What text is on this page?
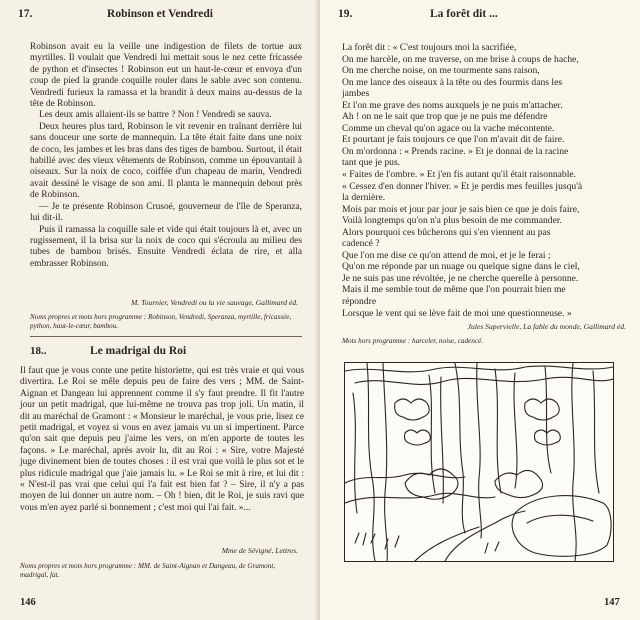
17.	Robinson et Vendredi

Robinson avait eu la veille une indigestion de filets de tortue aux myrtilles. Il voulait que Vendredi lui mettait sous le nez cette fricassée de python et d'insectes ! Robinson eut un haut-le-cœur et envoya d'un coup de pied la grande coquille rouler dans le sable avec son contenu. Vendredi furieux la ramassa et la brandit à deux mains au-dessus de la tête de Robinson.

Les deux amis allaient-ils se battre ? Non ! Vendredi se sauva.

Deux heures plus tard, Robinson le vit revenir en traînant derrière lui sans douceur une sorte de mannequin. La tête était faite dans une noix de coco, les jambes et les bras dans des tiges de bambou. Surtout, il était habillé avec des vieux vêtements de Robinson, comme un épouvantail à oiseaux. Sur la noix de coco, coiffée d'un chapeau de marin, Vendredi avait dessiné le visage de son ami. Il planta le mannequin debout près de Robinson.

— Je te présente Robinson Crusoé, gouverneur de l'île de Speranza, lui dit-il.

Puis il ramassa la coquille sale et vide qui était toujours là et, avec un rugissement, il la brisa sur la noix de coco qui s'écroula au milieu des tubes de bambou brisés. Ensuite Vendredi éclata de rire, et alla embrasser Robinson.

M. Tournier, Vendredi ou la vie sauvage, Gallimard éd.
Noms propres et mots hors programme : Robinson, Vendredi, Speranza, myrtille, fricassée, python, haut-le-cœur, bambou.
18..	Le madrigal du Roi

Il faut que je vous conte une petite historiette, qui est très vraie et qui vous divertira. Le Roi se mêle depuis peu de faire des vers ; MM. de Saint-Aignan et Dangeau lui apprennent comme il s'y faut prendre. Il fit l'autre jour un petit madrigal, que lui-même ne trouva pas trop joli. Un matin, il dit au maréchal de Gramont : « Monsieur le maréchal, je vous prie, lisez ce petit madrigal, et voyez si vous en avez jamais vu un si impertinent. Parce qu'on sait que depuis peu j'aime les vers, on m'en apporte de toutes les façons. » Le maréchal, après avoir lu, dit au Roi : « Sire, votre Majesté juge divinement bien de toutes choses : il est vrai que voilà le plus sot et le plus ridicule madrigal que j'aie jamais lu. » Le Roi se mit à rire, et lui dit : « N'est-il pas vrai que celui qui l'a fait est bien fat ? – Sire, il n'y a pas moyen de lui donner un autre nom. – Oh ! bien, dit le Roi, je suis ravi que vous m'en ayez parlé si bonnement ; c'est moi qui l'ai fait. »...

Mme de Sévigné, Lettres.
Noms propres et mots hors programme : MM. de Saint-Aignan et Dangeau, de Gramont, madrigal, fat.
146
19.	La forêt dit ...
La forêt dit : « C'est toujours moi la sacrifiée,
On me harcèle, on me traverse, on me brise à coups de hache,
On me cherche noise, on me tourmente sans raison,
On me lance des oiseaux à la tête ou des fourmis dans les
jambes
Et l'on me grave des noms auxquels je ne puis m'attacher.
Ah ! on ne le sait que trop que je ne puis me défendre
Comme un cheval qu'on agace ou la vache mécontente.
Et pourtant je fais toujours ce que l'on m'avait dit de faire.
On m'ordonna : « Prends racine. » Et je donnai de la racine
tant que je pus.
« Faites de l'ombre. » Et j'en fis autant qu'il était raisonnable.
« Cessez d'en donner l'hiver. » Et je perdis mes feuilles jusqu'à
la dernière.
Mois par mois et jour par jour je sais bien ce que je dois faire,
Voilà longtemps qu'on n'a plus besoin de me commander.
Alors pourquoi ces bûcherons qui s'en viennent au pas
cadencé ?
Que l'on me dise ce qu'on attend de moi, et je le ferai ;
Qu'on me réponde par un nuage ou quelque signe dans le ciel,
Je ne suis pas une révoltée, je ne cherche querelle à personne.
Mais il me semble tout de même que l'on pourrait bien me
répondre
Lorsque le vent qui se lève fait de moi une questionneuse. »
Jules Supervielle, La fable du monde, Gallimard éd.
Mots hors programme : harceler, noise, cadencé.
147
